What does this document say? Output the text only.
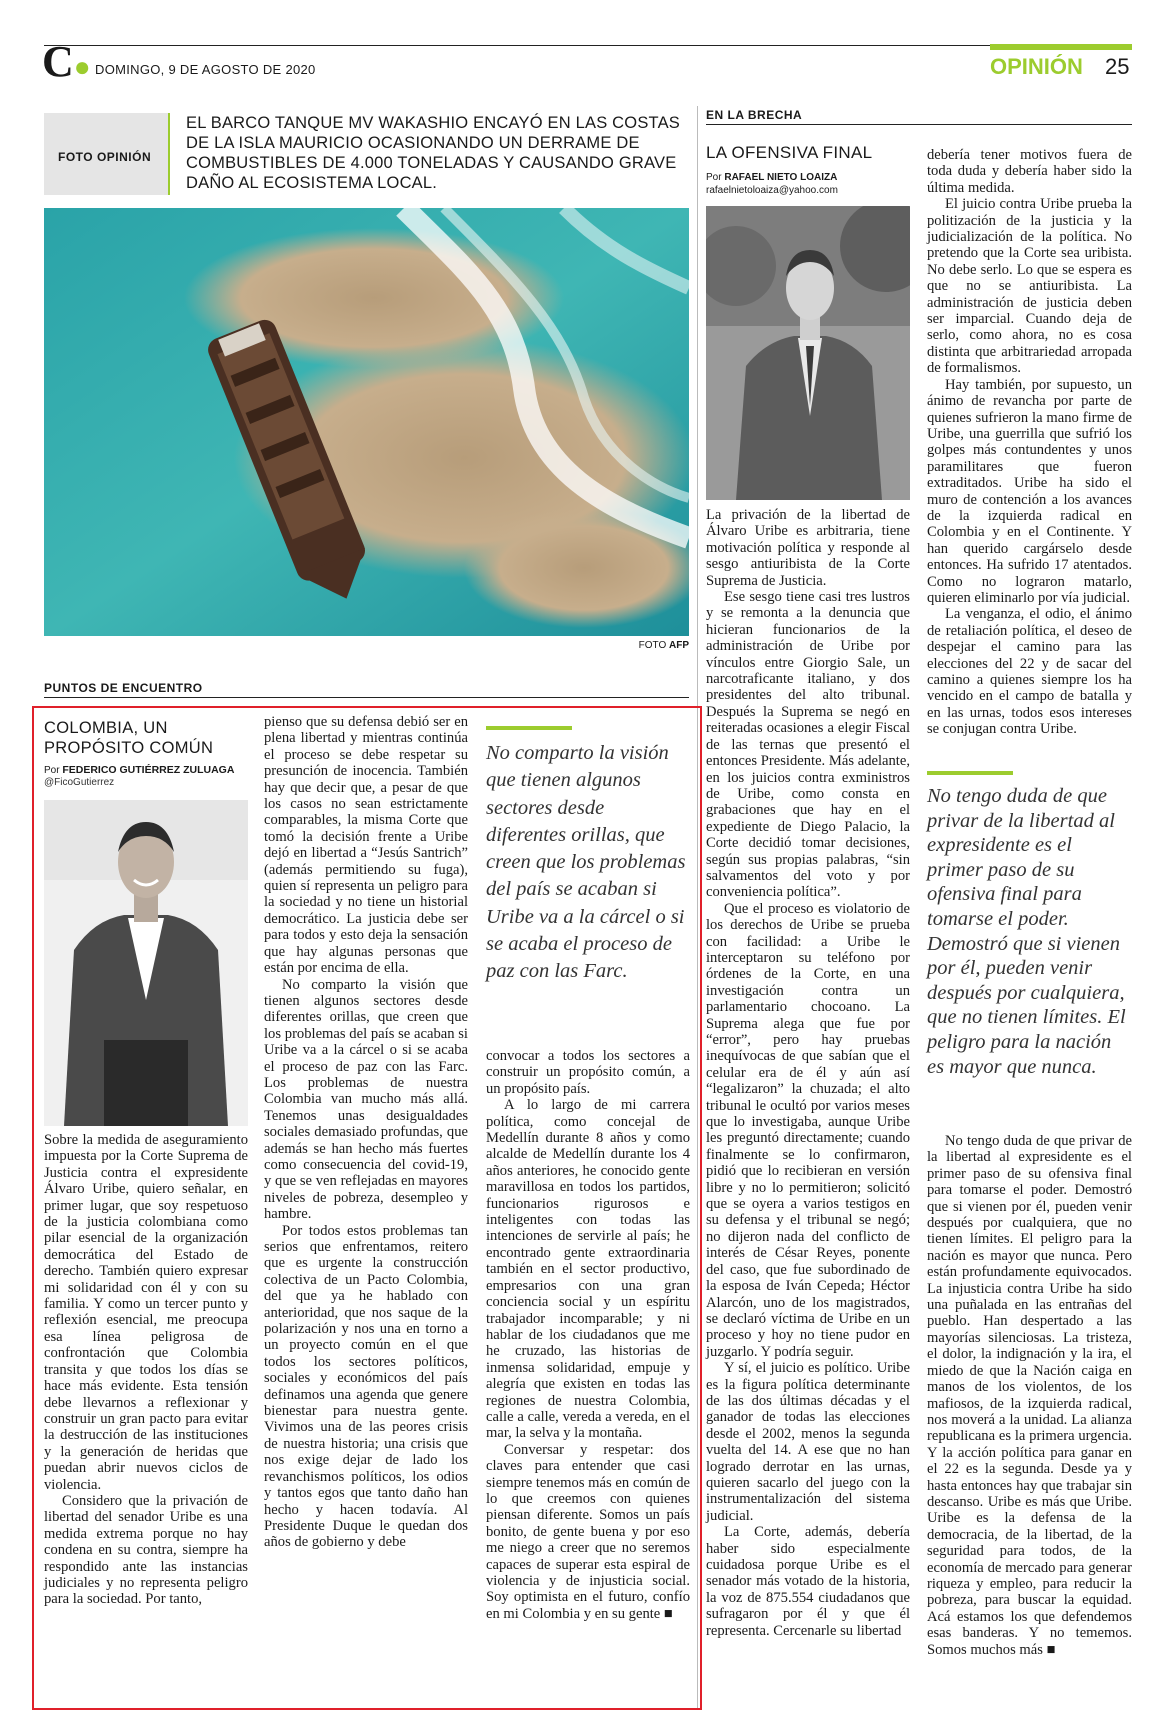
C● DOMINGO, 9 DE AGOSTO DE 2020	OPINIÓN 25
FOTO OPINIÓN
EL BARCO TANQUE MV WAKASHIO ENCAYÓ EN LAS COSTAS DE LA ISLA MAURICIO OCASIONANDO UN DERRAME DE COMBUSTIBLES DE 4.000 TONELADAS Y CAUSANDO GRAVE DAÑO AL ECOSISTEMA LOCAL.
FOTO AFP
PUNTOS DE ENCUENTRO
COLOMBIA, UN PROPÓSITO COMÚN
Por FEDERICO GUTIÉRREZ ZULUAGA
@FicoGutierrez

Sobre la medida de aseguramiento impuesta por la Corte Suprema de Justicia contra el expresidente Álvaro Uribe, quiero señalar, en primer lugar, que soy respetuoso de la justicia colombiana como pilar esencial de la organización democrática del Estado de derecho. También quiero expresar mi solidaridad con él y con su familia. Y como un tercer punto y reflexión esencial, me preocupa esa línea peligrosa de confrontación que Colombia transita y que todos los días se hace más evidente. Esta tensión debe llevarnos a reflexionar y construir un gran pacto para evitar la destrucción de las instituciones y la generación de heridas que puedan abrir nuevos ciclos de violencia.

Considero que la privación de libertad del senador Uribe es una medida extrema porque no hay condena en su contra, siempre ha respondido ante las instancias judiciales y no representa peligro para la sociedad. Por tanto,

pienso que su defensa debió ser en plena libertad y mientras continúa el proceso se debe respetar su presunción de inocencia. También hay que decir que, a pesar de que los casos no sean estrictamente comparables, la misma Corte que tomó la decisión frente a Uribe dejó en libertad a “Jesús Santrich” (además permitiendo su fuga), quien sí representa un peligro para la sociedad y no tiene un historial democrático. La justicia debe ser para todos y esto deja la sensación que hay algunas personas que están por encima de ella.

No comparto la visión que tienen algunos sectores desde diferentes orillas, que creen que los problemas del país se acaban si Uribe va a la cárcel o si se acaba el proceso de paz con las Farc. Los problemas de nuestra Colombia van mucho más allá. Tenemos unas desigualdades sociales demasiado profundas, que además se han hecho más fuertes como consecuencia del covid-19, y que se ven reflejadas en mayores niveles de pobreza, desempleo y hambre.

Por todos estos problemas tan serios que enfrentamos, reitero que es urgente la construcción colectiva de un Pacto Colombia, del que ya he hablado con anterioridad, que nos saque de la polarización y nos una en torno a un proyecto común en el que todos los sectores políticos, sociales y económicos del país definamos una agenda que genere bienestar para nuestra gente. Vivimos una de las peores crisis de nuestra historia; una crisis que nos exige dejar de lado los revanchismos políticos, los odios y tantos egos que tanto daño han hecho y hacen todavía. Al Presidente Duque le quedan dos años de gobierno y debe

No comparto la visión que tienen algunos sectores desde diferentes orillas, que creen que los problemas del país se acaban si Uribe va a la cárcel o si se acaba el proceso de paz con las Farc.

convocar a todos los sectores a construir un propósito común, a un propósito país.

A lo largo de mi carrera política, como concejal de Medellín durante 8 años y como alcalde de Medellín durante los 4 años anteriores, he conocido gente maravillosa en todos los partidos, funcionarios rigurosos e inteligentes con todas las intenciones de servirle al país; he encontrado gente extraordinaria también en el sector productivo, empresarios con una gran conciencia social y un espíritu trabajador incomparable; y ni hablar de los ciudadanos que me he cruzado, las historias de inmensa solidaridad, empuje y alegría que existen en todas las regiones de nuestra Colombia, calle a calle, vereda a vereda, en el mar, la selva y la montaña.

Conversar y respetar: dos claves para entender que casi siempre tenemos más en común de lo que creemos con quienes piensan diferente. Somos un país bonito, de gente buena y por eso me niego a creer que no seremos capaces de superar esta espiral de violencia y de injusticia social. Soy optimista en el futuro, confío en mi Colombia y en su gente ■

EN LA BRECHA
LA OFENSIVA FINAL
Por RAFAEL NIETO LOAIZA
rafaelnietoloaiza@yahoo.com

La privación de la libertad de Álvaro Uribe es arbitraria, tiene motivación política y responde al sesgo antiuribista de la Corte Suprema de Justicia.

Ese sesgo tiene casi tres lustros y se remonta a la denuncia que hicieran funcionarios de la administración de Uribe por vínculos entre Giorgio Sale, un narcotraficante italiano, y dos presidentes del alto tribunal. Después la Suprema se negó en reiteradas ocasiones a elegir Fiscal de las ternas que presentó el entonces Presidente. Más adelante, en los juicios contra exministros de Uribe, como consta en grabaciones que hay en el expediente de Diego Palacio, la Corte decidió tomar decisiones, según sus propias palabras, “sin salvamentos del voto y por conveniencia política”.

Que el proceso es violatorio de los derechos de Uribe se prueba con facilidad: a Uribe le interceptaron su teléfono por órdenes de la Corte, en una investigación contra un parlamentario chocoano. La Suprema alega que fue por “error”, pero hay pruebas inequívocas de que sabían que el celular era de él y aún así “legalizaron” la chuzada; el alto tribunal le ocultó por varios meses que lo investigaba, aunque Uribe les preguntó directamente; cuando finalmente se lo confirmaron, pidió que lo recibieran en versión libre y no lo permitieron; solicitó que se oyera a varios testigos en su defensa y el tribunal se negó; no dijeron nada del conflicto de interés de César Reyes, ponente del caso, que fue subordinado de la esposa de Iván Cepeda; Héctor Alarcón, uno de los magistrados, se declaró víctima de Uribe en un proceso y hoy no tiene pudor en juzgarlo. Y podría seguir.

Y sí, el juicio es político. Uribe es la figura política determinante de las dos últimas décadas y el ganador de todas las elecciones desde el 2002, menos la segunda vuelta del 14. A ese que no han logrado derrotar en las urnas, quieren sacarlo del juego con la instrumentalización del sistema judicial.

La Corte, además, debería haber sido especialmente cuidadosa porque Uribe es el senador más votado de la historia, la voz de 875.554 ciudadanos que sufragaron por él y que él representa. Cercenarle su libertad

debería tener motivos fuera de toda duda y debería haber sido la última medida.

El juicio contra Uribe prueba la politización de la justicia y la judicialización de la política. No pretendo que la Corte sea uribista. No debe serlo. Lo que se espera es que no se antiuribista. La administración de justicia deben ser imparcial. Cuando deja de serlo, como ahora, no es cosa distinta que arbitrariedad arropada de formalismos.

Hay también, por supuesto, un ánimo de revancha por parte de quienes sufrieron la mano firme de Uribe, una guerrilla que sufrió los golpes más contundentes y unos paramilitares que fueron extraditados. Uribe ha sido el muro de contención a los avances de la izquierda radical en Colombia y en el Continente. Y han querido cargárselo desde entonces. Ha sufrido 17 atentados. Como no lograron matarlo, quieren eliminarlo por vía judicial.

La venganza, el odio, el ánimo de retaliación política, el deseo de despejar el camino para las elecciones del 22 y de sacar del camino a quienes siempre los ha vencido en el campo de batalla y en las urnas, todos esos intereses se conjugan contra Uribe.

No tengo duda de que privar de la libertad al expresidente es el primer paso de su ofensiva final para tomarse el poder. Demostró que si vienen por él, pueden venir después por cualquiera, que no tienen límites. El peligro para la nación es mayor que nunca.

No tengo duda de que privar de la libertad al expresidente es el primer paso de su ofensiva final para tomarse el poder. Demostró que si vienen por él, pueden venir después por cualquiera, que no tienen límites. El peligro para la nación es mayor que nunca. Pero están profundamente equivocados. La injusticia contra Uribe ha sido una puñalada en las entrañas del pueblo. Han despertado a las mayorías silenciosas. La tristeza, el dolor, la indignación y la ira, el miedo de que la Nación caiga en manos de los violentos, de los mafiosos, de la izquierda radical, nos moverá a la unidad. La alianza republicana es la primera urgencia. Y la acción política para ganar en el 22 es la segunda. Desde ya y hasta entonces hay que trabajar sin descanso. Uribe es más que Uribe. Uribe es la defensa de la democracia, de la libertad, de la seguridad para todos, de la economía de mercado para generar riqueza y empleo, para reducir la pobreza, para buscar la equidad. Acá estamos los que defendemos esas banderas. Y no tememos. Somos muchos más ■
